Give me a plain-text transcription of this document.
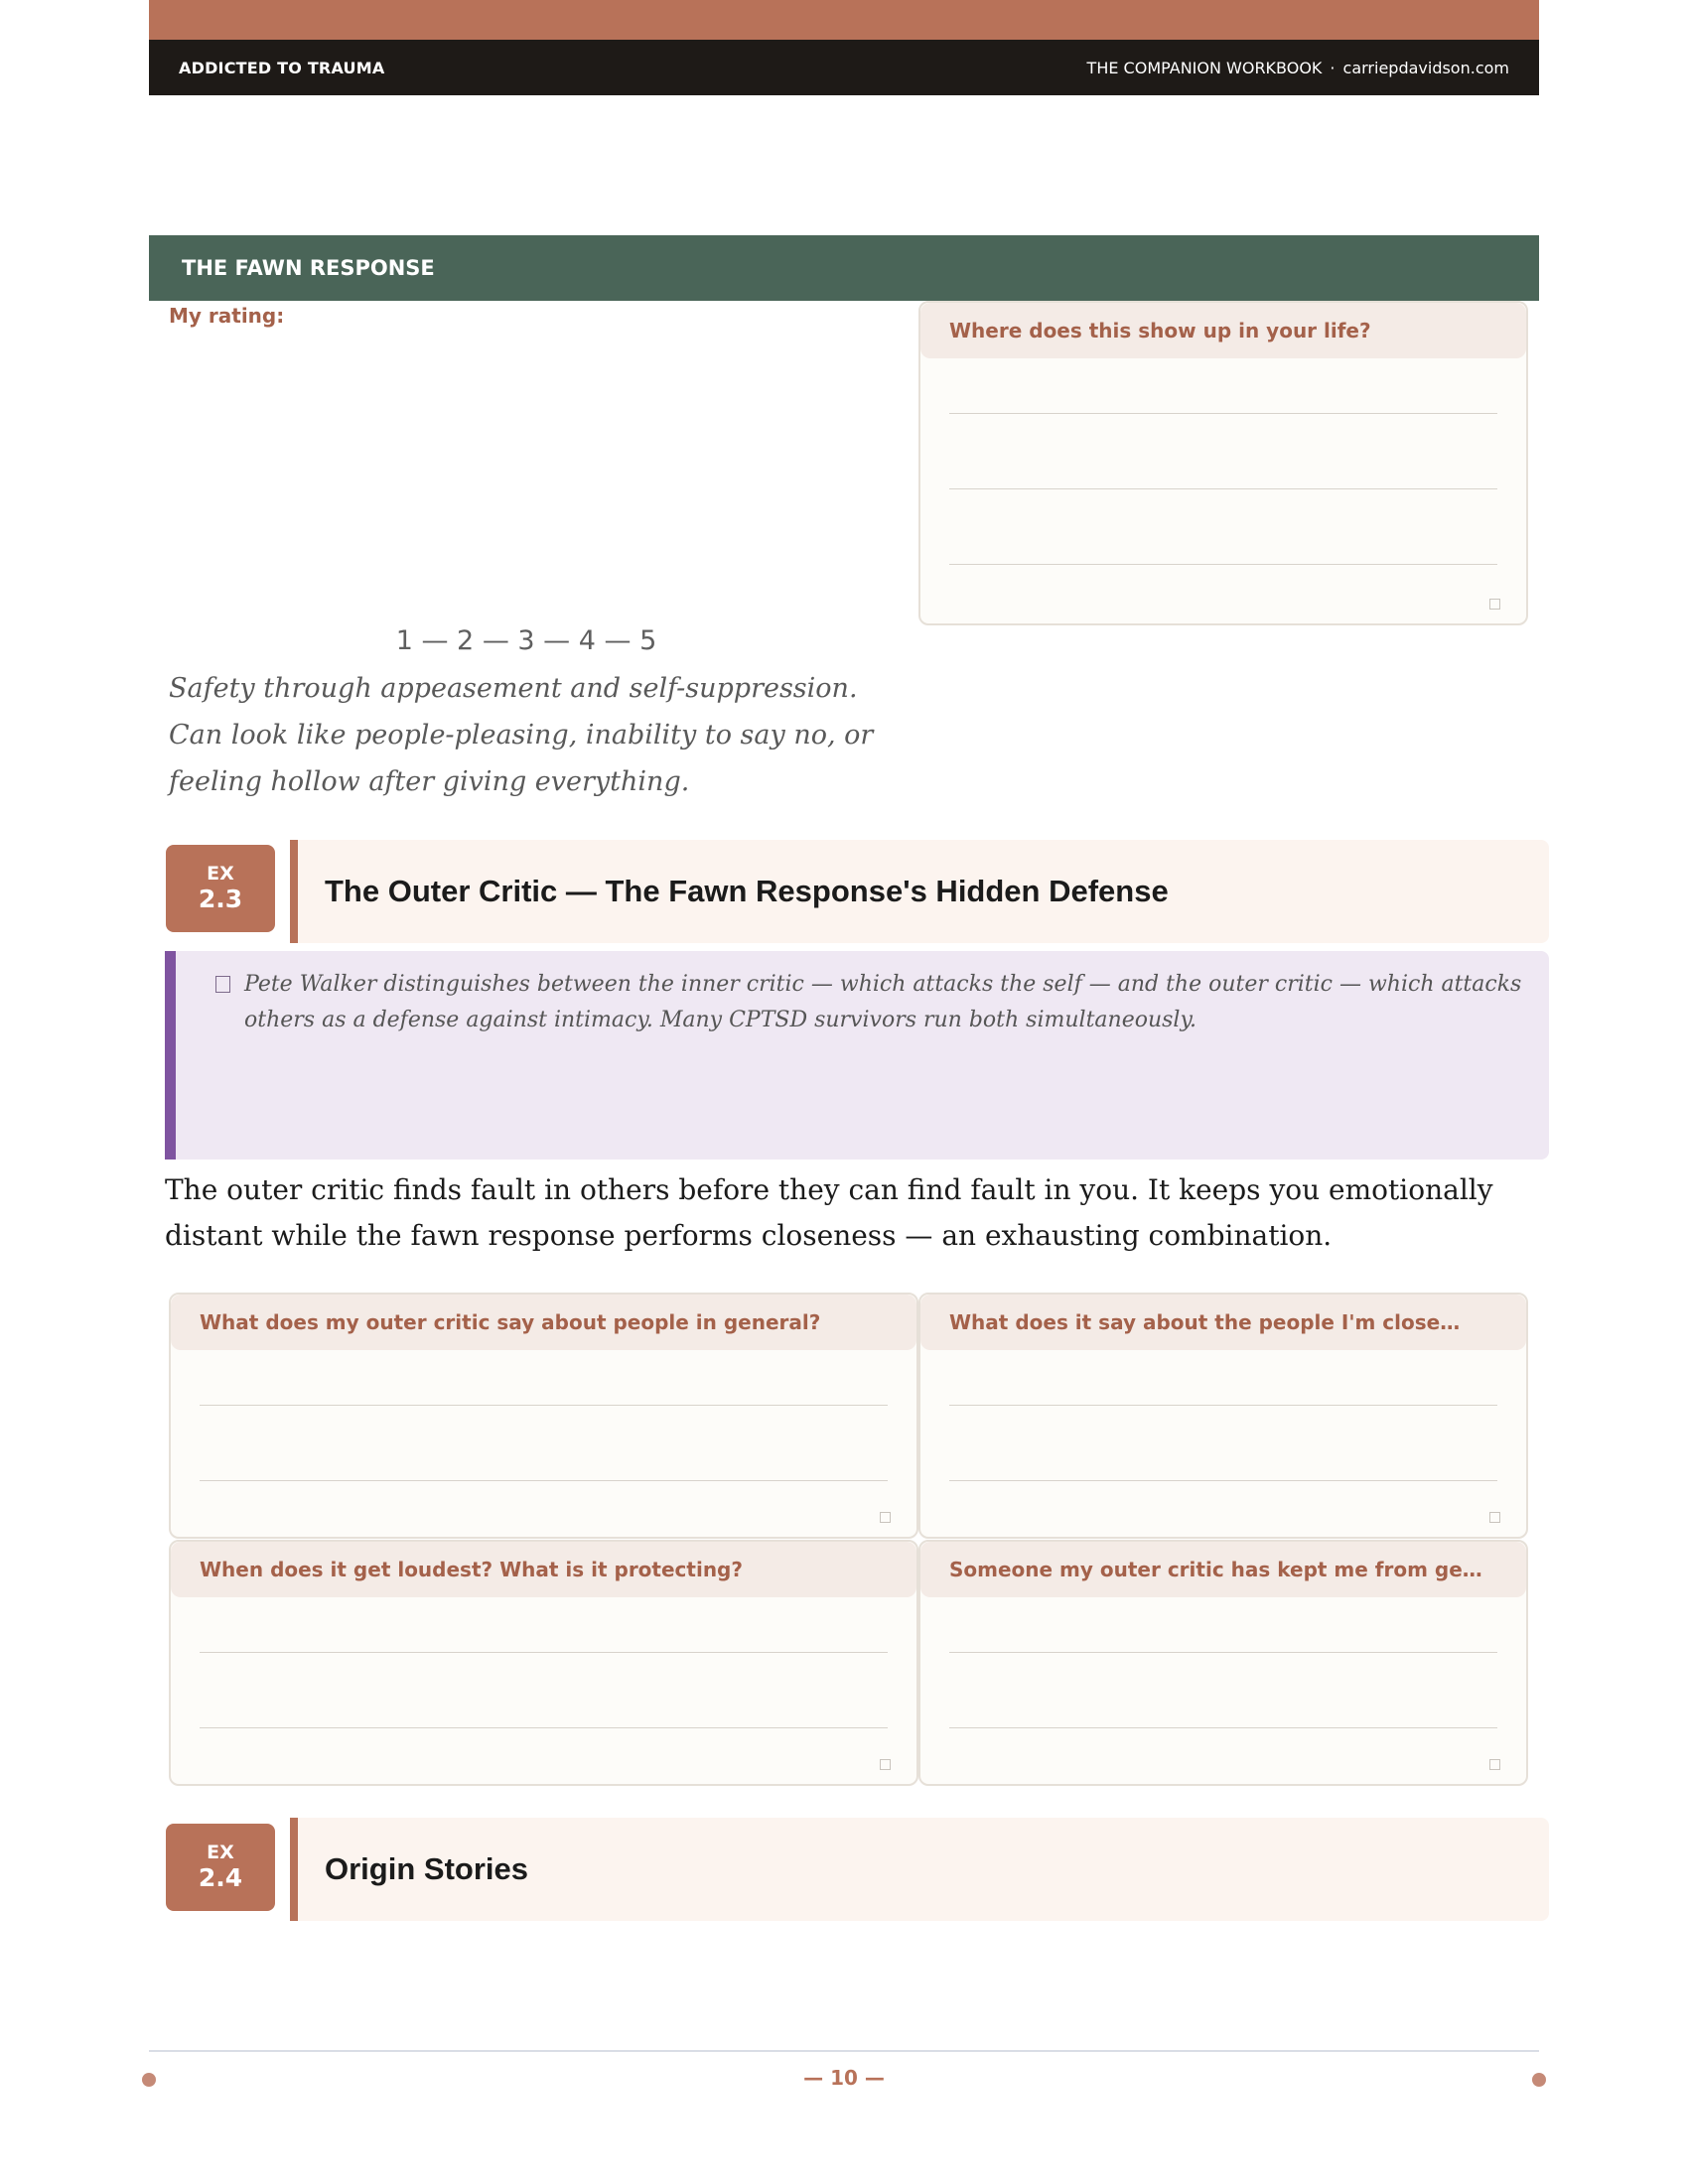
ADDICTED TO TRAUMA	THE COMPANION WORKBOOK · carriepdavidson.com
THE FAWN RESPONSE
My rating:
Where does this show up in your life?
1 — 2 — 3 — 4 — 5
Safety through appeasement and self-suppression. Can look like people-pleasing, inability to say no, or feeling hollow after giving everything.
EX
2.3	The Outer Critic — The Fawn Response's Hidden Defense
Pete Walker distinguishes between the inner critic — which attacks the self — and the outer critic — which attacks others as a defense against intimacy. Many CPTSD survivors run both simultaneously.
The outer critic finds fault in others before they can find fault in you. It keeps you emotionally distant while the fawn response performs closeness — an exhausting combination.
What does my outer critic say about people in general?	What does it say about the people I'm close…
When does it get loudest? What is it protecting?	Someone my outer critic has kept me from ge…
EX
2.4	Origin Stories
— 10 —
